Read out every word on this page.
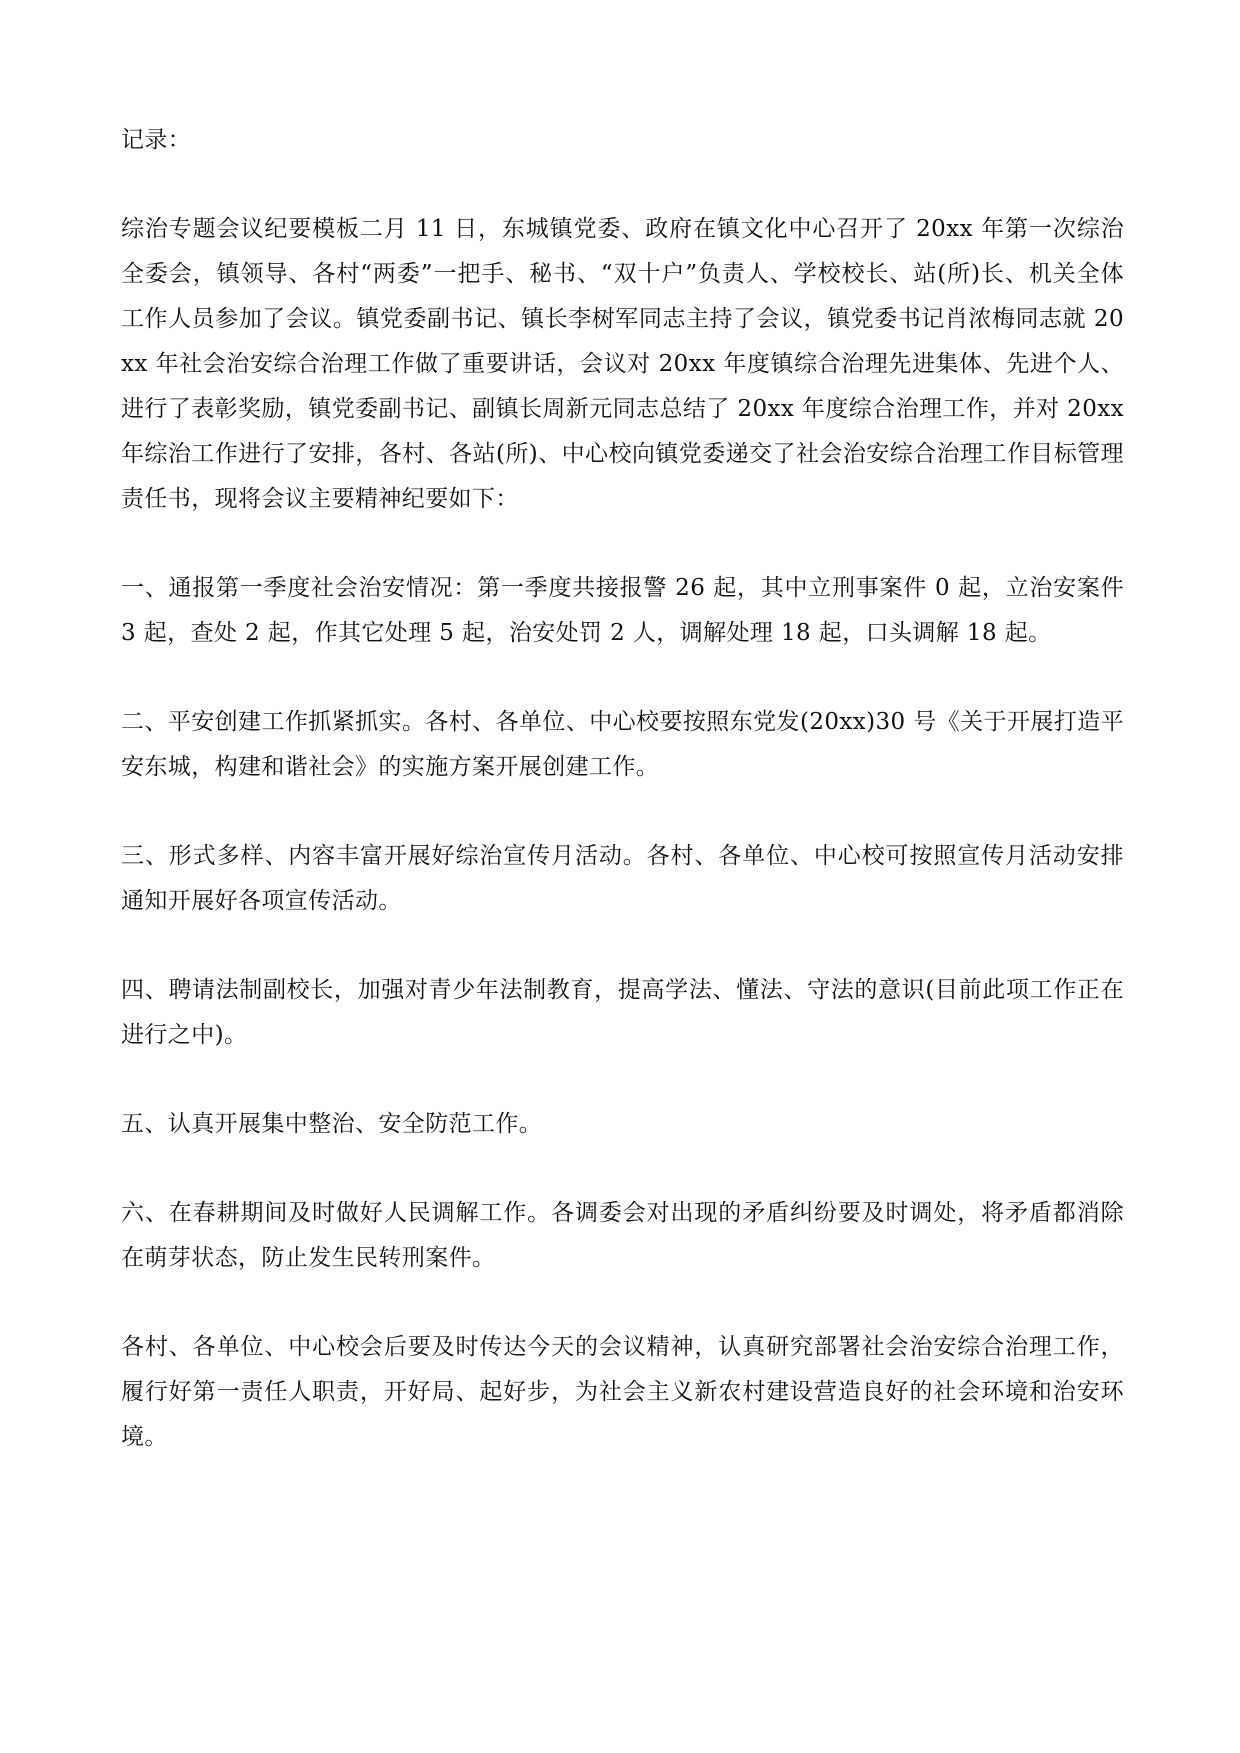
记录：

综治专题会议纪要模板二月 11 日，东城镇党委、政府在镇文化中心召开了 20xx 年第一次综治全委会，镇领导、各村“两委”一把手、秘书、“双十户”负责人、学校校长、站(所)长、机关全体工作人员参加了会议。镇党委副书记、镇长李树军同志主持了会议，镇党委书记肖浓梅同志就 20xx 年社会治安综合治理工作做了重要讲话，会议对 20xx 年度镇综合治理先进集体、先进个人、进行了表彰奖励，镇党委副书记、副镇长周新元同志总结了 20xx 年度综合治理工作，并对 20xx 年综治工作进行了安排，各村、各站(所)、中心校向镇党委递交了社会治安综合治理工作目标管理责任书，现将会议主要精神纪要如下：

一、通报第一季度社会治安情况：第一季度共接报警 26 起，其中立刑事案件 0 起，立治安案件 3 起，查处 2 起，作其它处理 5 起，治安处罚 2 人，调解处理 18 起，口头调解 18 起。

二、平安创建工作抓紧抓实。各村、各单位、中心校要按照东党发(20xx)30 号《关于开展打造平安东城，构建和谐社会》的实施方案开展创建工作。

三、形式多样、内容丰富开展好综治宣传月活动。各村、各单位、中心校可按照宣传月活动安排通知开展好各项宣传活动。

四、聘请法制副校长，加强对青少年法制教育，提高学法、懂法、守法的意识(目前此项工作正在进行之中)。

五、认真开展集中整治、安全防范工作。

六、在春耕期间及时做好人民调解工作。各调委会对出现的矛盾纠纷要及时调处，将矛盾都消除在萌芽状态，防止发生民转刑案件。

各村、各单位、中心校会后要及时传达今天的会议精神，认真研究部署社会治安综合治理工作，履行好第一责任人职责，开好局、起好步，为社会主义新农村建设营造良好的社会环境和治安环境。
